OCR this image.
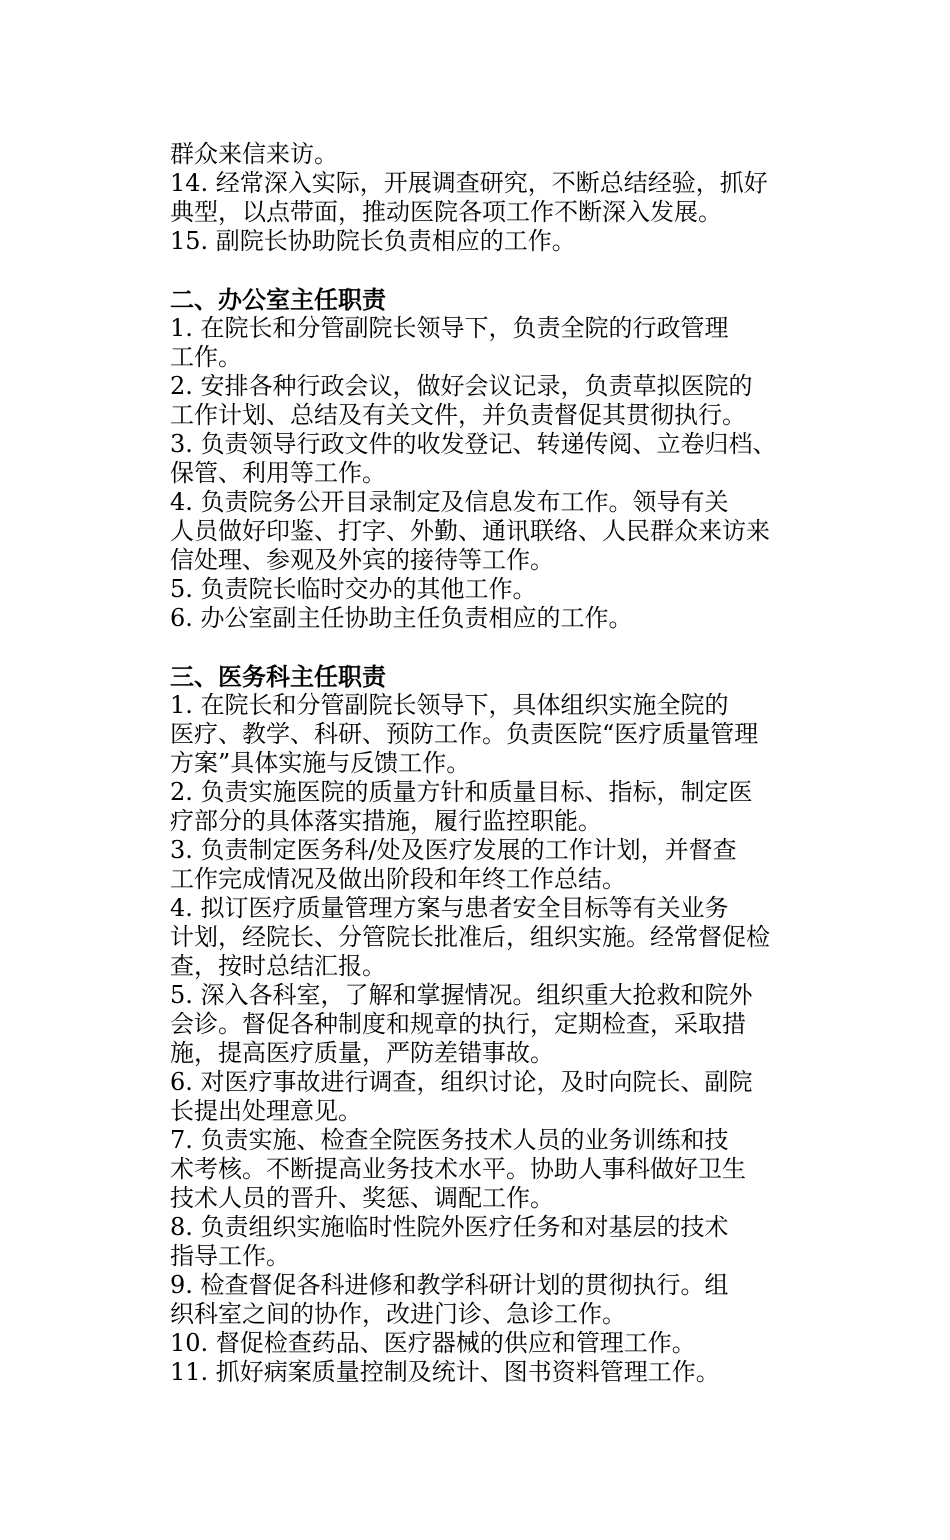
群众来信来访。
14. 经常深入实际，开展调查研究，不断总结经验，抓好
典型，以点带面，推动医院各项工作不断深入发展。
15. 副院长协助院长负责相应的工作。
二、办公室主任职责
1. 在院长和分管副院长领导下，负责全院的行政管理
工作。
2. 安排各种行政会议，做好会议记录，负责草拟医院的
工作计划、总结及有关文件，并负责督促其贯彻执行。
3. 负责领导行政文件的收发登记、转递传阅、立卷归档、
保管、利用等工作。
4. 负责院务公开目录制定及信息发布工作。领导有关
人员做好印鉴、打字、外勤、通讯联络、人民群众来访来
信处理、参观及外宾的接待等工作。
5. 负责院长临时交办的其他工作。
6. 办公室副主任协助主任负责相应的工作。
三、医务科主任职责
1. 在院长和分管副院长领导下，具体组织实施全院的
医疗、教学、科研、预防工作。负责医院“医疗质量管理
方案”具体实施与反馈工作。
2. 负责实施医院的质量方针和质量目标、指标，制定医
疗部分的具体落实措施，履行监控职能。
3. 负责制定医务科/处及医疗发展的工作计划，并督查
工作完成情况及做出阶段和年终工作总结。
4. 拟订医疗质量管理方案与患者安全目标等有关业务
计划，经院长、分管院长批准后，组织实施。经常督促检
查，按时总结汇报。
5. 深入各科室，了解和掌握情况。组织重大抢救和院外
会诊。督促各种制度和规章的执行，定期检查，采取措
施，提高医疗质量，严防差错事故。
6. 对医疗事故进行调查，组织讨论，及时向院长、副院
长提出处理意见。
7. 负责实施、检查全院医务技术人员的业务训练和技
术考核。不断提高业务技术水平。协助人事科做好卫生
技术人员的晋升、奖惩、调配工作。
8. 负责组织实施临时性院外医疗任务和对基层的技术
指导工作。
9. 检查督促各科进修和教学科研计划的贯彻执行。组
织科室之间的协作，改进门诊、急诊工作。
10. 督促检查药品、医疗器械的供应和管理工作。
11. 抓好病案质量控制及统计、图书资料管理工作。
